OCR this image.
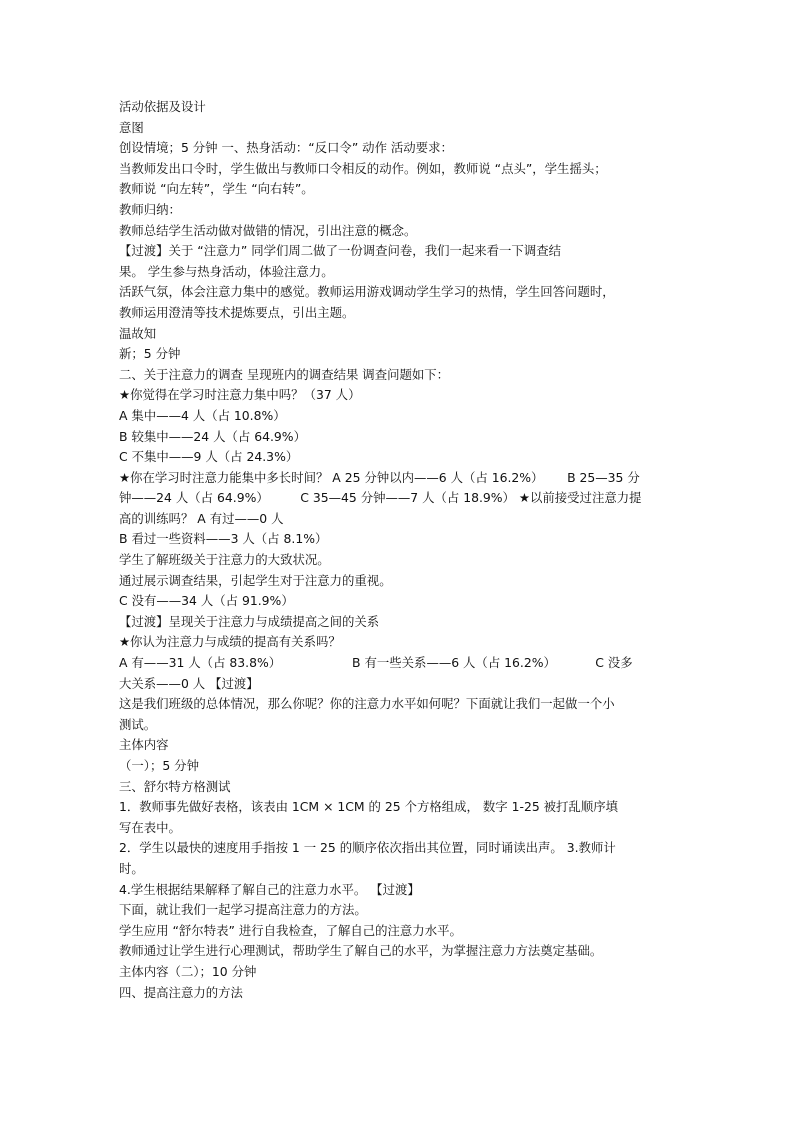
活动依据及设计

意图

创设情境；5 分钟 一、热身活动：“反口令” 动作 活动要求：

当教师发出口令时，学生做出与教师口令相反的动作。例如，教师说 “点头”，学生摇头；

教师说 “向左转”，学生 “向右转”。

教师归纳：

教师总结学生活动做对做错的情况，引出注意的概念。

【过渡】关于 “注意力” 同学们周二做了一份调查问卷，我们一起来看一下调查结

果。 学生参与热身活动，体验注意力。

活跃气氛，体会注意力集中的感觉。教师运用游戏调动学生学习的热情，学生回答问题时，

教师运用澄清等技术提炼要点，引出主题。

温故知

新；5 分钟

二、关于注意力的调查 呈现班内的调查结果 调查问题如下：

★你觉得在学习时注意力集中吗？（37 人）

A 集中——4 人（占 10.8%）

B 较集中——24 人（占 64.9%）

C 不集中——9 人（占 24.3%）

★你在学习时注意力能集中多长时间？ A 25 分钟以内——6 人（占 16.2%）      B 25—35 分

钟——24 人（占 64.9%）        C 35—45 分钟——7 人（占 18.9%） ★以前接受过注意力提

高的训练吗？ A 有过——0 人

B 看过一些资料——3 人（占 8.1%）

学生了解班级关于注意力的大致状况。

通过展示调查结果，引起学生对于注意力的重视。

C 没有——34 人（占 91.9%）

【过渡】呈现关于注意力与成绩提高之间的关系

★你认为注意力与成绩的提高有关系吗？

A 有——31 人（占 83.8%）                  B 有一些关系——6 人（占 16.2%）          C 没多

大关系——0 人 【过渡】

这是我们班级的总体情况，那么你呢？你的注意力水平如何呢？下面就让我们一起做一个小

测试。

主体内容

（一）；5 分钟

三、舒尔特方格测试

1．教师事先做好表格，该表由 1CM × 1CM 的 25 个方格组成， 数字 1-25 被打乱顺序填

写在表中。

2．学生以最快的速度用手指按 1 一 25 的顺序依次指出其位置，同时诵读出声。 3.教师计

时。

4.学生根据结果解释了解自己的注意力水平。 【过渡】

下面，就让我们一起学习提高注意力的方法。

学生应用 “舒尔特表” 进行自我检查，了解自己的注意力水平。

教师通过让学生进行心理测试，帮助学生了解自己的水平，为掌握注意力方法奠定基础。

主体内容（二）；10 分钟

四、提高注意力的方法
